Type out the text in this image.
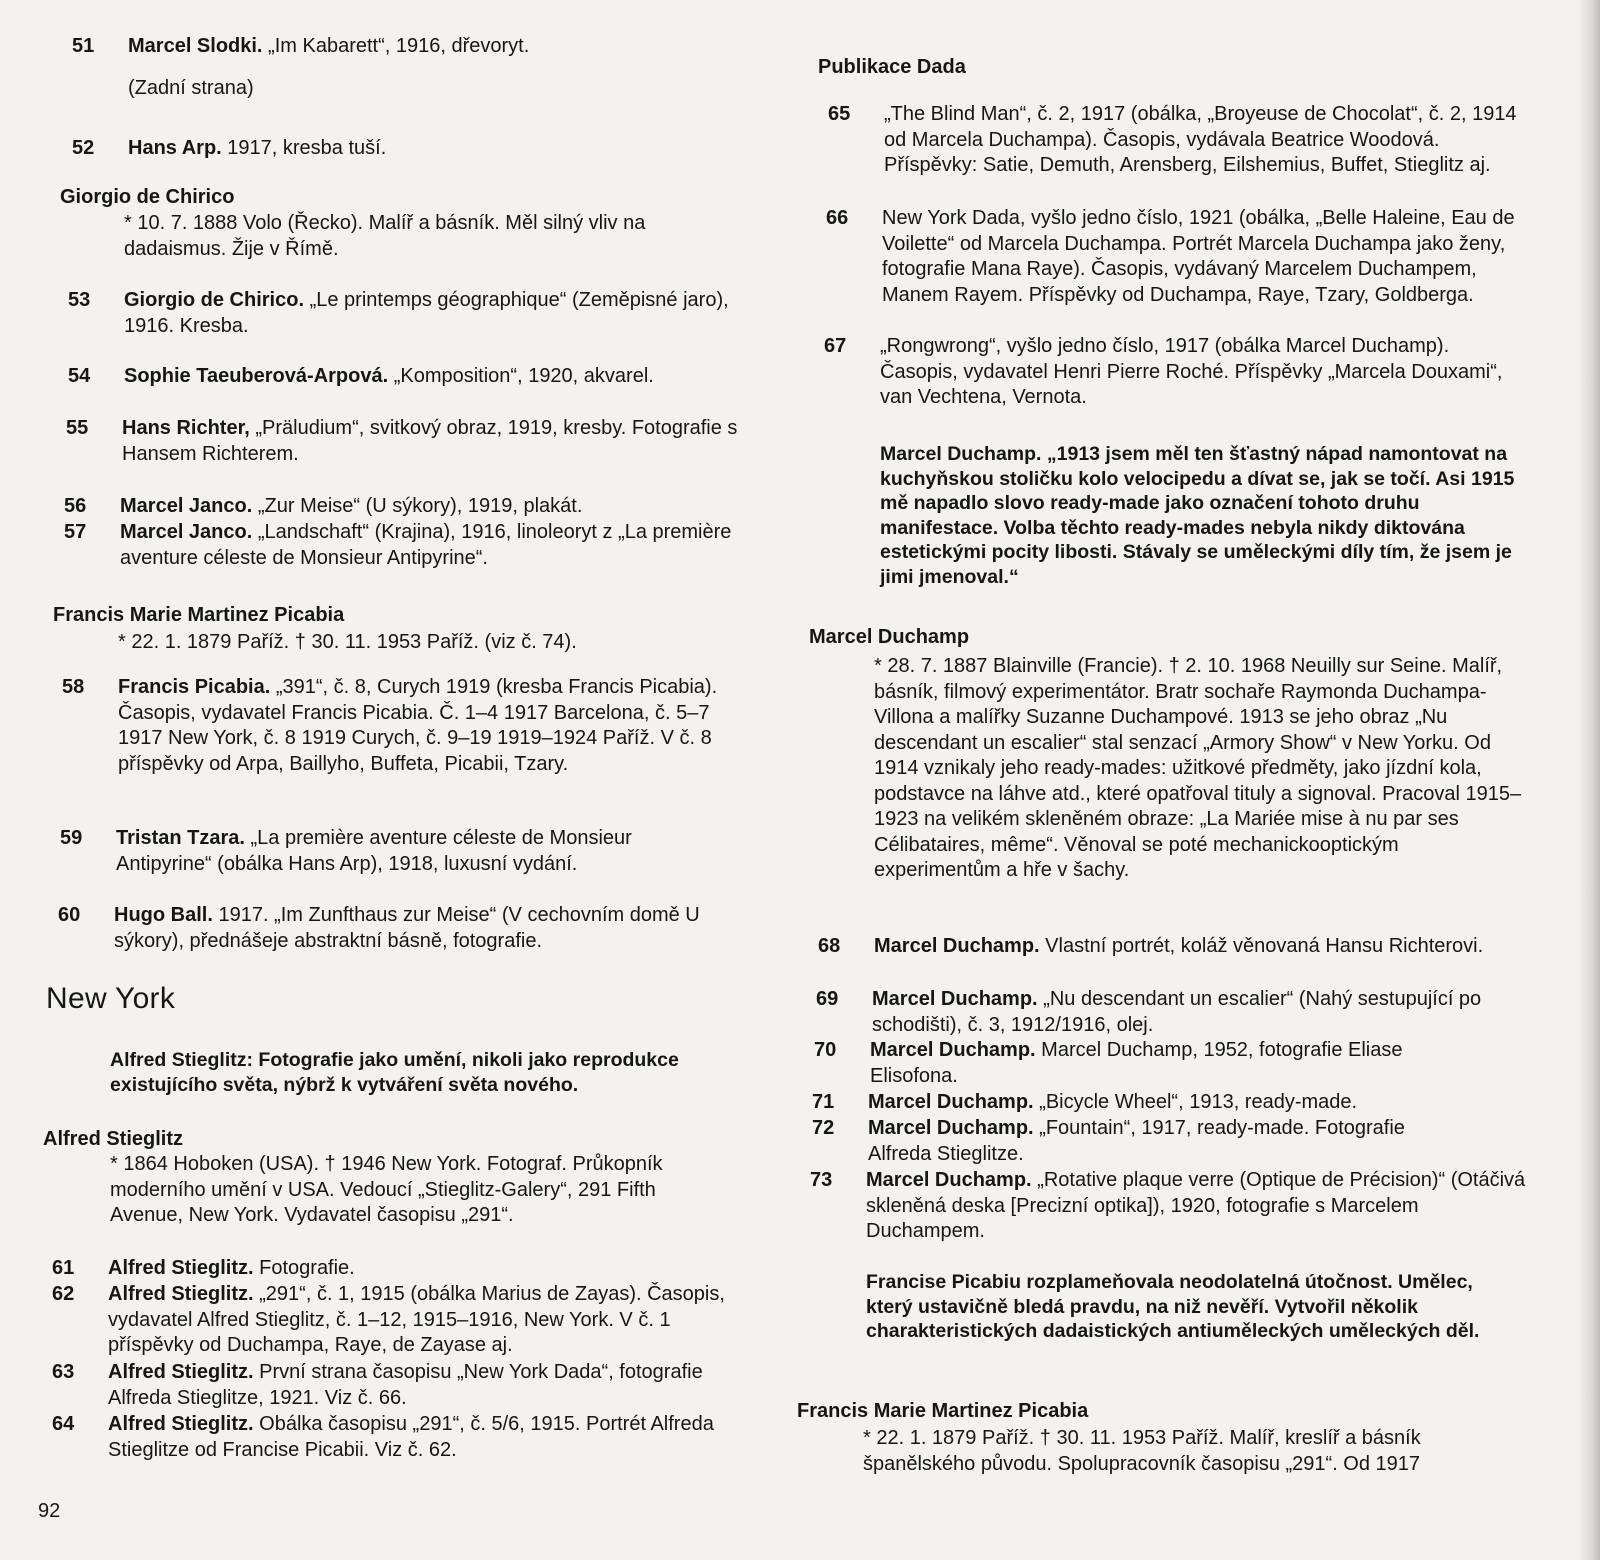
51 Marcel Slodki. „Im Kabarett“, 1916, dřevoryt.
(Zadní strana)
52 Hans Arp. 1917, kresba tuší.
Giorgio de Chirico
* 10. 7. 1888 Volo (Řecko). Malíř a básník. Měl silný vliv na dadaismus. Žije v Římě.
53 Giorgio de Chirico. „Le printemps géographique“ (Zeměpisné jaro), 1916. Kresba.
54 Sophie Taeuberová-Arpová. „Komposition“, 1920, akvarel.
55 Hans Richter, „Präludium“, svitkový obraz, 1919, kresby. Fotografie s Hansem Richterem.
56 Marcel Janco. „Zur Meise“ (U sýkory), 1919, plakát.
57 Marcel Janco. „Landschaft“ (Krajina), 1916, linoleoryt z „La première aventure céleste de Monsieur Antipyrine“.
Francis Marie Martinez Picabia
* 22. 1. 1879 Paříž. † 30. 11. 1953 Paříž. (viz č. 74).
58 Francis Picabia. „391“, č. 8, Curych 1919 (kresba Francis Picabia). Časopis, vydavatel Francis Picabia. Č. 1–4 1917 Barcelona, č. 5–7 1917 New York, č. 8 1919 Curych, č. 9–19 1919–1924 Paříž. V č. 8 příspěvky od Arpa, Baillyho, Buffeta, Picabii, Tzary.
59 Tristan Tzara. „La première aventure céleste de Monsieur Antipyrine“ (obálka Hans Arp), 1918, luxusní vydání.
60 Hugo Ball. 1917. „Im Zunfthaus zur Meise“ (V cechovním domě U sýkory), přednášeje abstraktní básně, fotografie.
New York
Alfred Stieglitz: Fotografie jako umění, nikoli jako reprodukce existujícího světa, nýbrž k vytváření světa nového.
Alfred Stieglitz
* 1864 Hoboken (USA). † 1946 New York. Fotograf. Průkopník moderního umění v USA. Vedoucí „Stieglitz-Galery“, 291 Fifth Avenue, New York. Vydavatel časopisu „291“.
61 Alfred Stieglitz. Fotografie.
62 Alfred Stieglitz. „291“, č. 1, 1915 (obálka Marius de Zayas). Časopis, vydavatel Alfred Stieglitz, č. 1–12, 1915–1916, New York. V č. 1 příspěvky od Duchampa, Raye, de Zayase aj.
63 Alfred Stieglitz. První strana časopisu „New York Dada“, fotografie Alfreda Stieglitze, 1921. Viz č. 66.
64 Alfred Stieglitz. Obálka časopisu „291“, č. 5/6, 1915. Portrét Alfreda Stieglitze od Francise Picabii. Viz č. 62.
92
Publikace Dada
65 „The Blind Man“, č. 2, 1917 (obálka, „Broyeuse de Chocolat“, č. 2, 1914 od Marcela Duchampa). Časopis, vydávala Beatrice Woodová. Příspěvky: Satie, Demuth, Arensberg, Eilshemius, Buffet, Stieglitz aj.
66 New York Dada, vyšlo jedno číslo, 1921 (obálka, „Belle Haleine, Eau de Voilette“ od Marcela Duchampa. Portrét Marcela Duchampa jako ženy, fotografie Mana Raye). Časopis, vydávaný Marcelem Duchampem, Manem Rayem. Příspěvky od Duchampa, Raye, Tzary, Goldberga.
67 „Rongwrong“, vyšlo jedno číslo, 1917 (obálka Marcel Duchamp). Časopis, vydavatel Henri Pierre Roché. Příspěvky „Marcela Douxami“, van Vechtena, Vernota.
Marcel Duchamp. „1913 jsem měl ten šťastný nápad namontovat na kuchyňskou stoličku kolo velocipedu a dívat se, jak se točí. Asi 1915 mě napadlo slovo ready-made jako označení tohoto druhu manifestace. Volba těchto ready-mades nebyla nikdy diktována estetickými pocity libosti. Stávaly se uměleckými díly tím, že jsem je jimi jmenoval.“
Marcel Duchamp
* 28. 7. 1887 Blainville (Francie). † 2. 10. 1968 Neuilly sur Seine. Malíř, básník, filmový experimentátor. Bratr sochaře Raymonda Duchampa-Villona a malířky Suzanne Duchampové. 1913 se jeho obraz „Nu descendant un escalier“ stal senzací „Armory Show“ v New Yorku. Od 1914 vznikaly jeho ready-mades: užitkové předměty, jako jízdní kola, podstavce na láhve atd., které opatřoval tituly a signoval. Pracoval 1915–1923 na velikém skleněném obraze: „La Mariée mise à nu par ses Célibataires, même“. Věnoval se poté mechanickooptickým experimentům a hře v šachy.
68 Marcel Duchamp. Vlastní portrét, koláž věnovaná Hansu Richterovi.
69 Marcel Duchamp. „Nu descendant un escalier“ (Nahý sestupující po schodišti), č. 3, 1912/1916, olej.
70 Marcel Duchamp. Marcel Duchamp, 1952, fotografie Eliase Elisofona.
71 Marcel Duchamp. „Bicycle Wheel“, 1913, ready-made.
72 Marcel Duchamp. „Fountain“, 1917, ready-made. Fotografie Alfreda Stieglitze.
73 Marcel Duchamp. „Rotative plaque verre (Optique de Précision)“ (Otáčivá skleněná deska [Precizní optika]), 1920, fotografie s Marcelem Duchampem.
Francise Picabiu rozplameňovala neodolatelná útočnost. Umělec, který ustavičně bledá pravdu, na niž nevěří. Vytvořil několik charakteristických dadaistických antiuměleckých uměleckých děl.
Francis Marie Martinez Picabia
* 22. 1. 1879 Paříž. † 30. 11. 1953 Paříž. Malíř, kreslíř a básník španělského původu. Spolupracovník časopisu „291“. Od 1917
